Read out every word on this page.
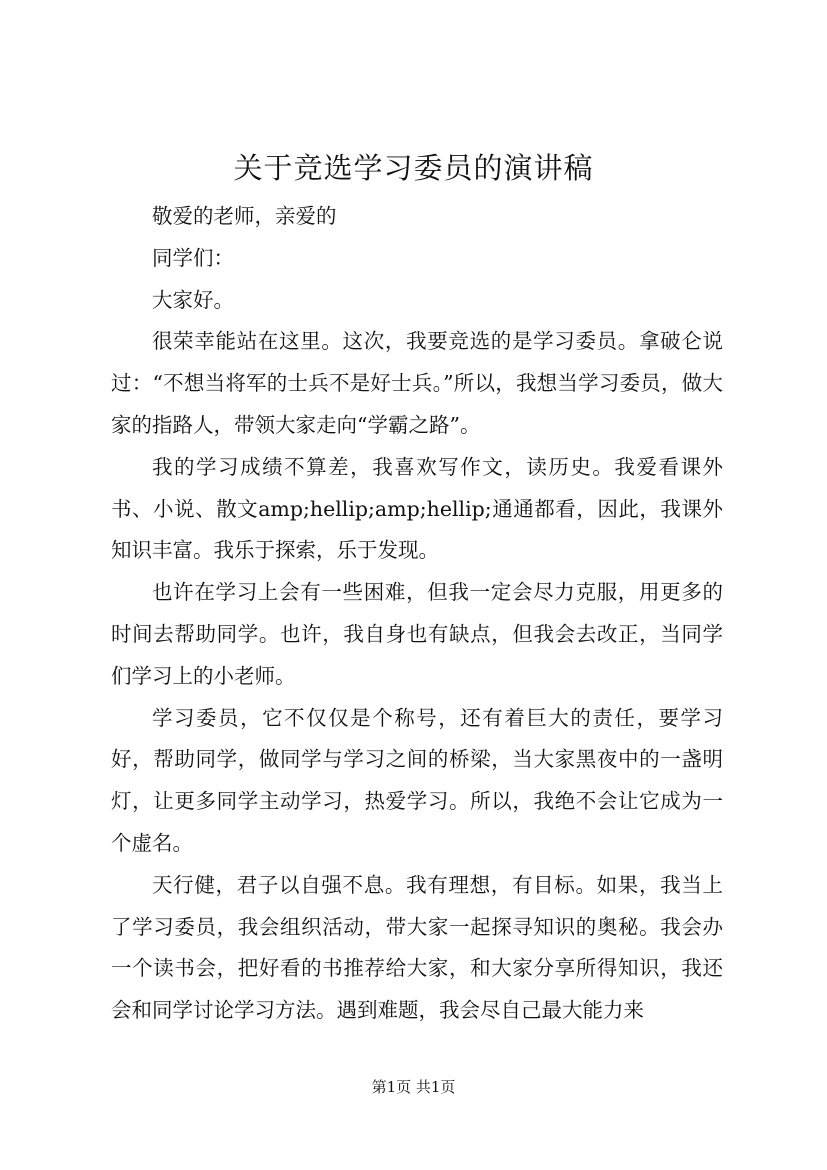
关于竞选学习委员的演讲稿

敬爱的老师，亲爱的

同学们：

大家好。

很荣幸能站在这里。这次，我要竞选的是学习委员。拿破仑说过：“不想当将军的士兵不是好士兵。”所以，我想当学习委员，做大家的指路人，带领大家走向“学霸之路”。

我的学习成绩不算差，我喜欢写作文，读历史。我爱看课外书、小说、散文amp;hellip;amp;hellip;通通都看，因此，我课外知识丰富。我乐于探索，乐于发现。

也许在学习上会有一些困难，但我一定会尽力克服，用更多的时间去帮助同学。也许，我自身也有缺点，但我会去改正，当同学们学习上的小老师。

学习委员，它不仅仅是个称号，还有着巨大的责任，要学习好，帮助同学，做同学与学习之间的桥梁，当大家黑夜中的一盏明灯，让更多同学主动学习，热爱学习。所以，我绝不会让它成为一个虚名。

天行健，君子以自强不息。我有理想，有目标。如果，我当上了学习委员，我会组织活动，带大家一起探寻知识的奥秘。我会办一个读书会，把好看的书推荐给大家，和大家分享所得知识，我还会和同学讨论学习方法。遇到难题，我会尽自己最大能力来

第1页 共1页
